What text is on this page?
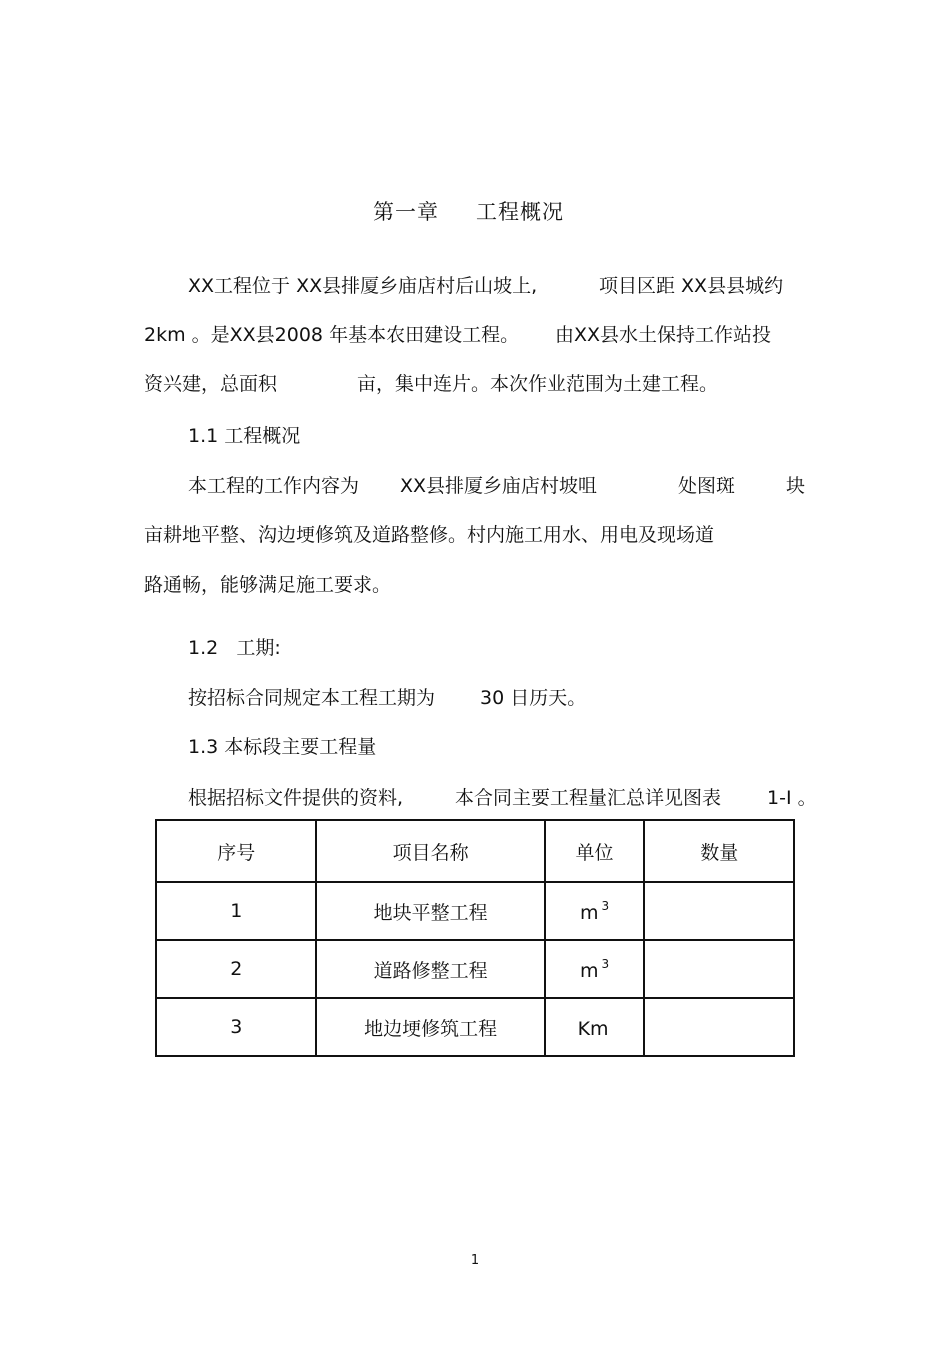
第一章 工程概况
XX工程位于 XX县排厦乡庙店村后山坡上,	项目区距 XX县县城约
2km 。是XX县2008 年基本农田建设工程。 由XX县水土保持工作站投
资兴建，总面积	亩，集中连片。本次作业范围为土建工程。
1.1 工程概况
本工程的工作内容为 XX县排厦乡庙店村坡咀	处图斑	块
亩耕地平整、沟边埂修筑及道路整修。村内施工用水、用电及现场道
路通畅，能够满足施工要求。
1.2   工期:
按招标合同规定本工程工期为 30 日历天。
1.3 本标段主要工程量
根据招标文件提供的资料,	本合同主要工程量汇总详见图表 1-I 。
序号	项目名称	单位	数量
1	地块平整工程	m $^3$	
2	道路修整工程	m $^3$	
3	地边埂修筑工程	Km	
1
